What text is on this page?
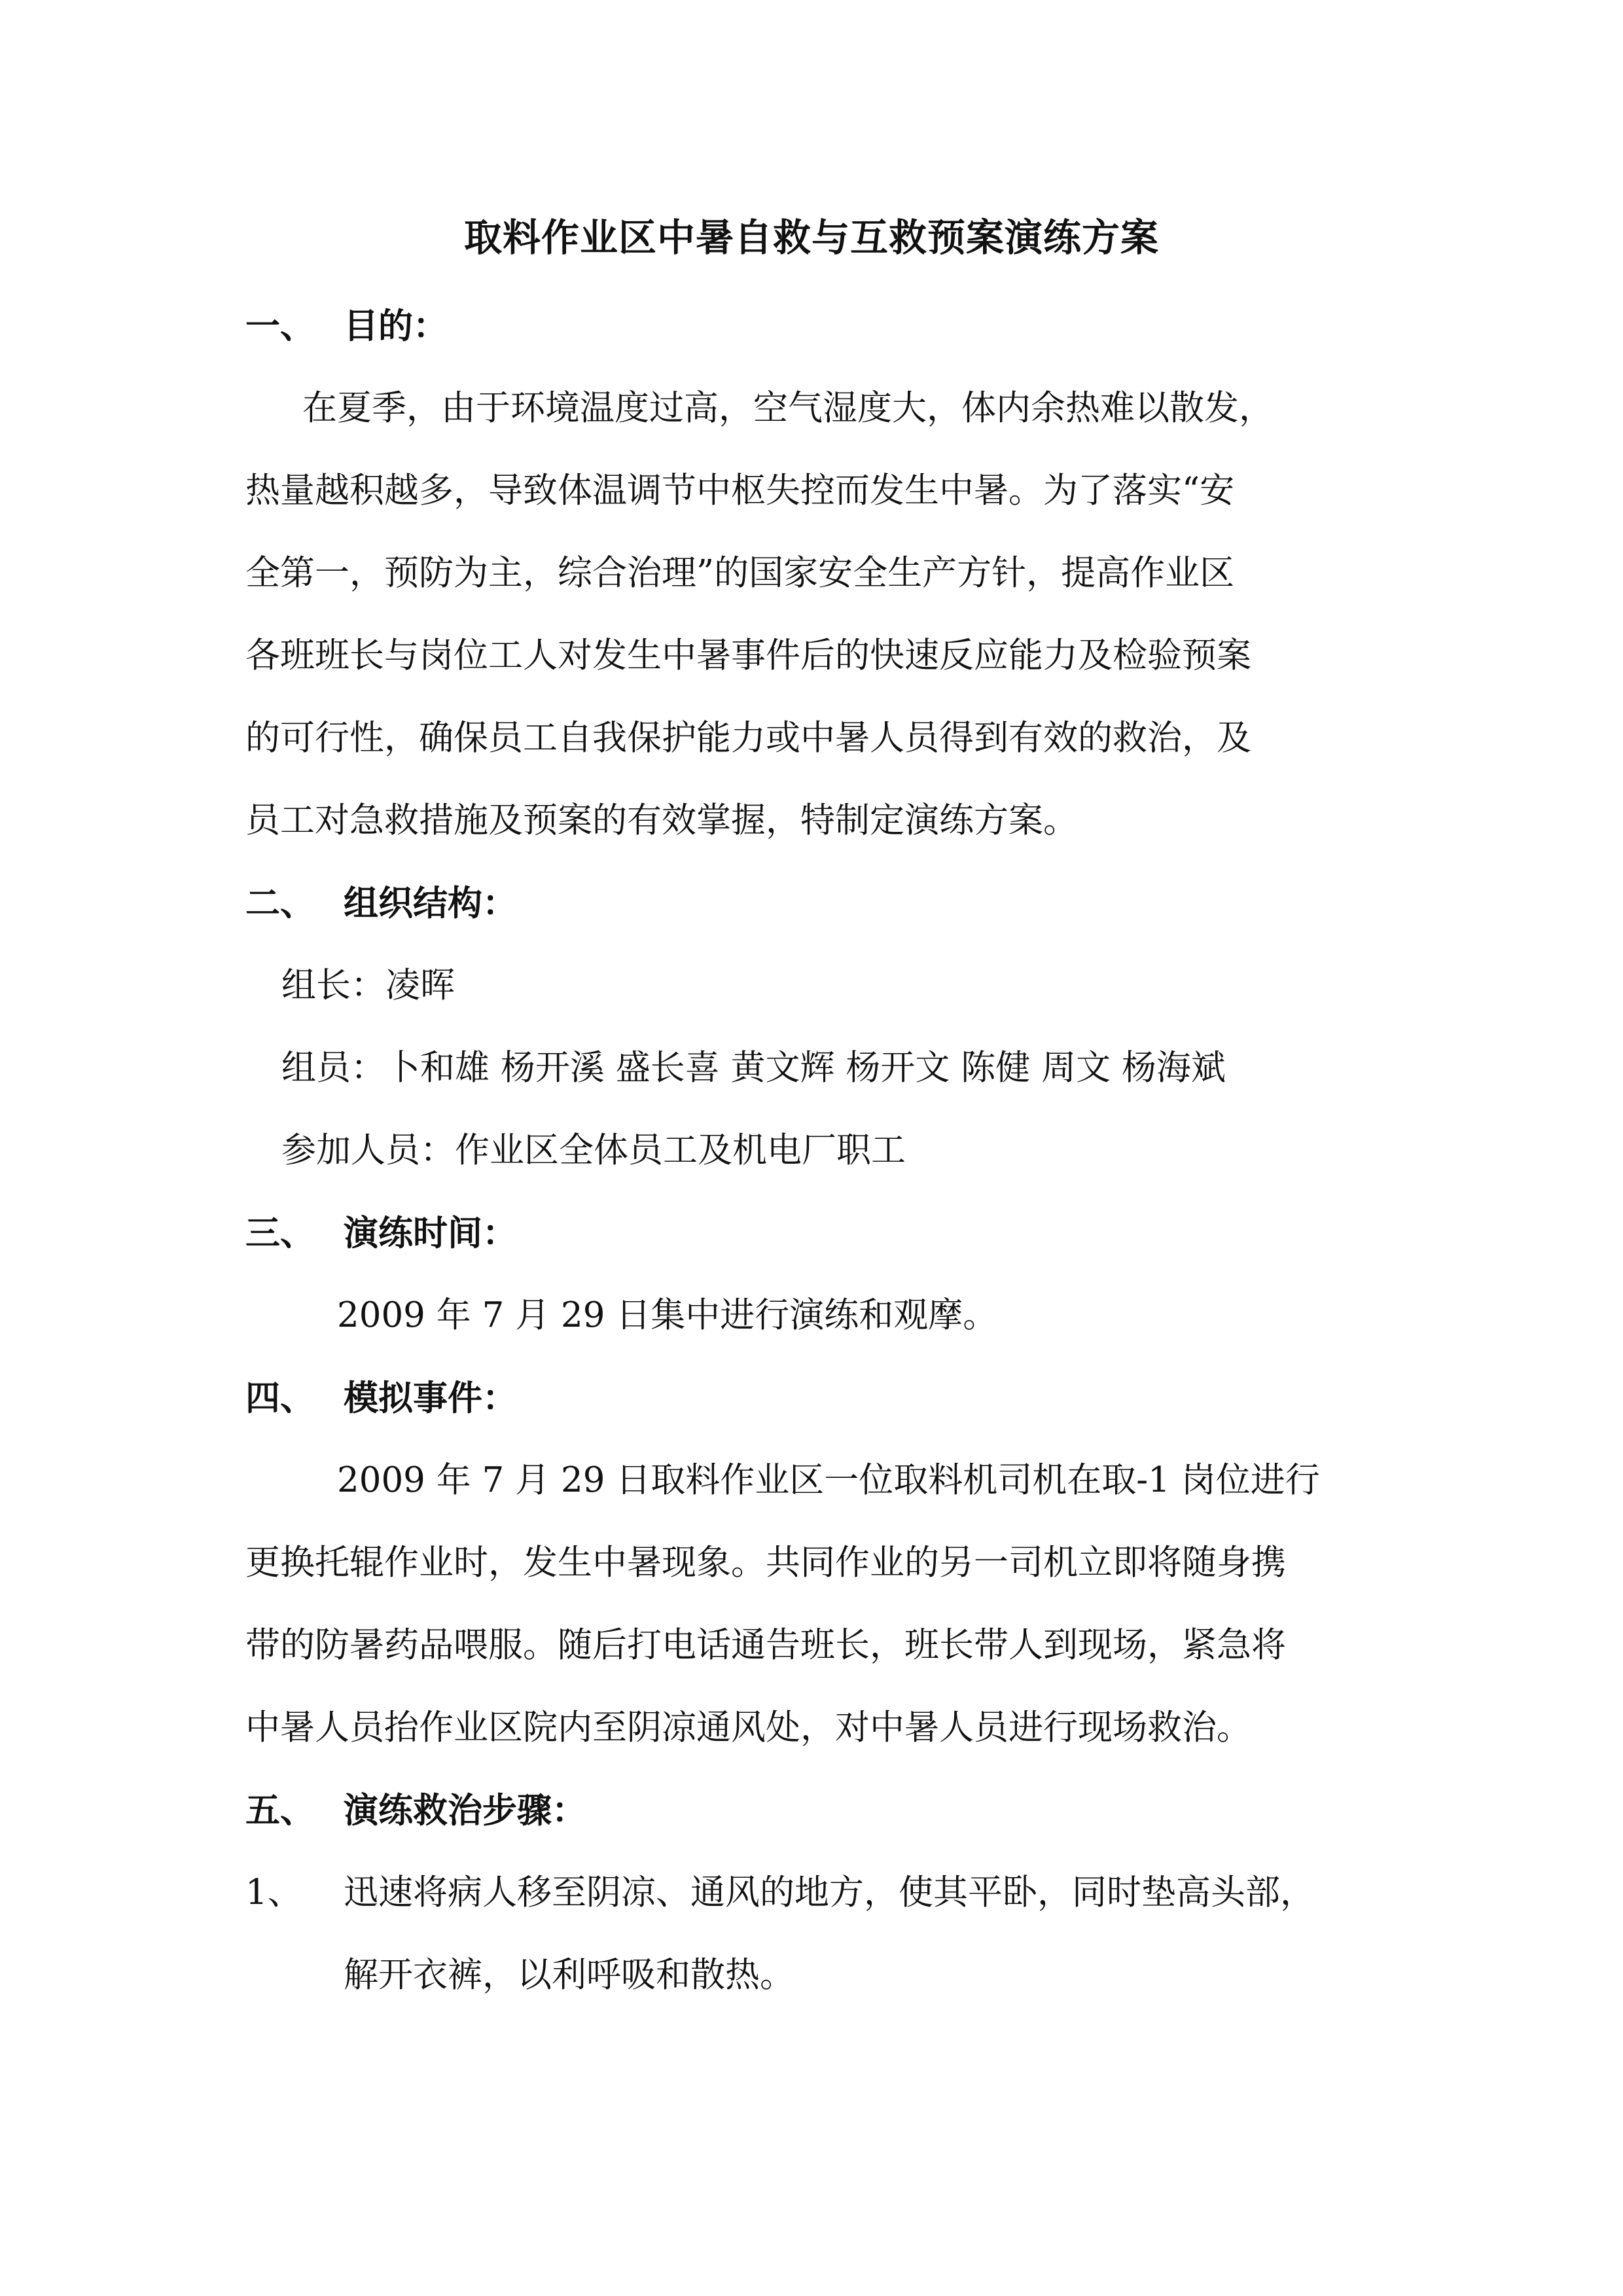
取料作业区中暑自救与互救预案演练方案
一、 目的：
在夏季，由于环境温度过高，空气湿度大，体内余热难以散发，
热量越积越多，导致体温调节中枢失控而发生中暑。为了落实“安
全第一，预防为主，综合治理”的国家安全生产方针，提高作业区
各班班长与岗位工人对发生中暑事件后的快速反应能力及检验预案
的可行性，确保员工自我保护能力或中暑人员得到有效的救治，及
员工对急救措施及预案的有效掌握，特制定演练方案。
二、 组织结构：
组长：凌晖
组员：卜和雄 杨开溪 盛长喜 黄文辉 杨开文 陈健 周文 杨海斌
参加人员：作业区全体员工及机电厂职工
三、 演练时间：
2009 年 7 月 29 日集中进行演练和观摩。
四、 模拟事件：
2009 年 7 月 29 日取料作业区一位取料机司机在取-1 岗位进行
更换托辊作业时，发生中暑现象。共同作业的另一司机立即将随身携
带的防暑药品喂服。随后打电话通告班长，班长带人到现场，紧急将
中暑人员抬作业区院内至阴凉通风处，对中暑人员进行现场救治。
五、 演练救治步骤：
1、 迅速将病人移至阴凉、通风的地方，使其平卧，同时垫高头部，
解开衣裤，以利呼吸和散热。
